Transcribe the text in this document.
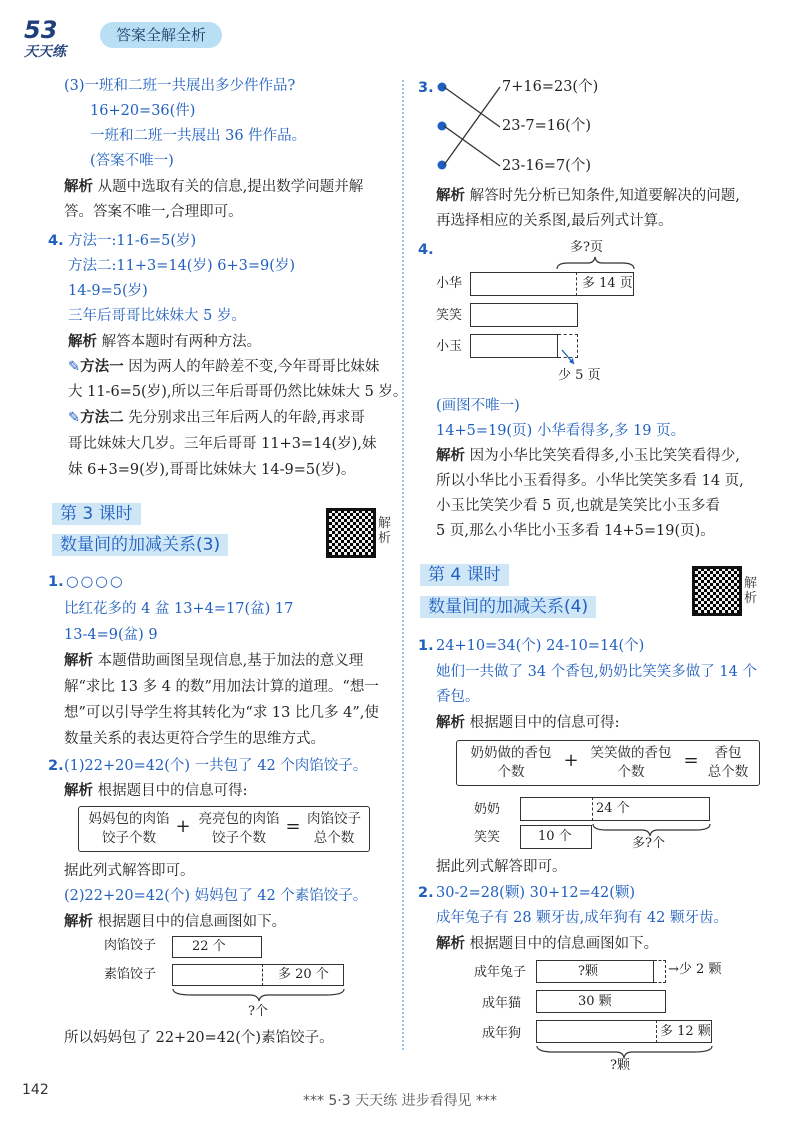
53
天天练
答案全解全析
(3)一班和二班一共展出多少件作品?
16+20=36(件)
一班和二班一共展出 36 件作品。
(答案不唯一)
解析 从题中选取有关的信息,提出数学问题并解
答。答案不唯一,合理即可。
4. 方法一:11-6=5(岁)
方法二:11+3=14(岁) 6+3=9(岁)
14-9=5(岁)
三年后哥哥比妹妹大 5 岁。
解析 解答本题时有两种方法。
✎方法一 因为两人的年龄差不变,今年哥哥比妹妹
大 11-6=5(岁),所以三年后哥哥仍然比妹妹大 5 岁。
✎方法二 先分别求出三年后两人的年龄,再求哥
哥比妹妹大几岁。三年后哥哥 11+3=14(岁),妹
妹 6+3=9(岁),哥哥比妹妹大 14-9=5(岁)。
第 3 课时
数量间的加减关系(3)
解析
1. ○○○○
比红花多的 4 盆 13+4=17(盆) 17
13-4=9(盆) 9
解析 本题借助画图呈现信息,基于加法的意义理
解“求比 13 多 4 的数”用加法计算的道理。“想一
想”可以引导学生将其转化为“求 13 比几多 4”,使
数量关系的表达更符合学生的思维方式。
2. (1)22+20=42(个) 一共包了 42 个肉馅饺子。
解析 根据题目中的信息可得:
妈妈包的肉馅
饺子个数
+ 亮亮包的肉馅
饺子个数
= 肉馅饺子
总个数
据此列式解答即可。
(2)22+20=42(个) 妈妈包了 42 个素馅饺子。
解析 根据题目中的信息画图如下。
肉馅饺子	22 个
素馅饺子	多 20 个
?个
所以妈妈包了 22+20=42(个)素馅饺子。
3.	7+16=23(个)
23-7=16(个)
23-16=7(个)
解析 解答时先分析已知条件,知道要解决的问题,
再选择相应的关系图,最后列式计算。
4.	多?页
小华	多 14 页
笑笑
小玉
少 5 页
(画图不唯一)
14+5=19(页) 小华看得多,多 19 页。
解析 因为小华比笑笑看得多,小玉比笑笑看得少,
所以小华比小玉看得多。小华比笑笑多看 14 页,
小玉比笑笑少看 5 页,也就是笑笑比小玉多看
5 页,那么小华比小玉多看 14+5=19(页)。
第 4 课时
数量间的加减关系(4)
解析
1. 24+10=34(个) 24-10=14(个)
她们一共做了 34 个香包,奶奶比笑笑多做了 14 个
香包。
解析 根据题目中的信息可得:
奶奶做的香包
个数
+ 笑笑做的香包
个数
=	香包
总个数
奶奶	24 个
笑笑	10 个	多?个
据此列式解答即可。
2. 30-2=28(颗) 30+12=42(颗)
成年兔子有 28 颗牙齿,成年狗有 42 颗牙齿。
解析 根据题目中的信息画图如下。
成年兔子	?颗	→少 2 颗
成年猫	30 颗
成年狗	多 12 颗
?颗
142
*** 5·3 天天练 进步看得见 ***
